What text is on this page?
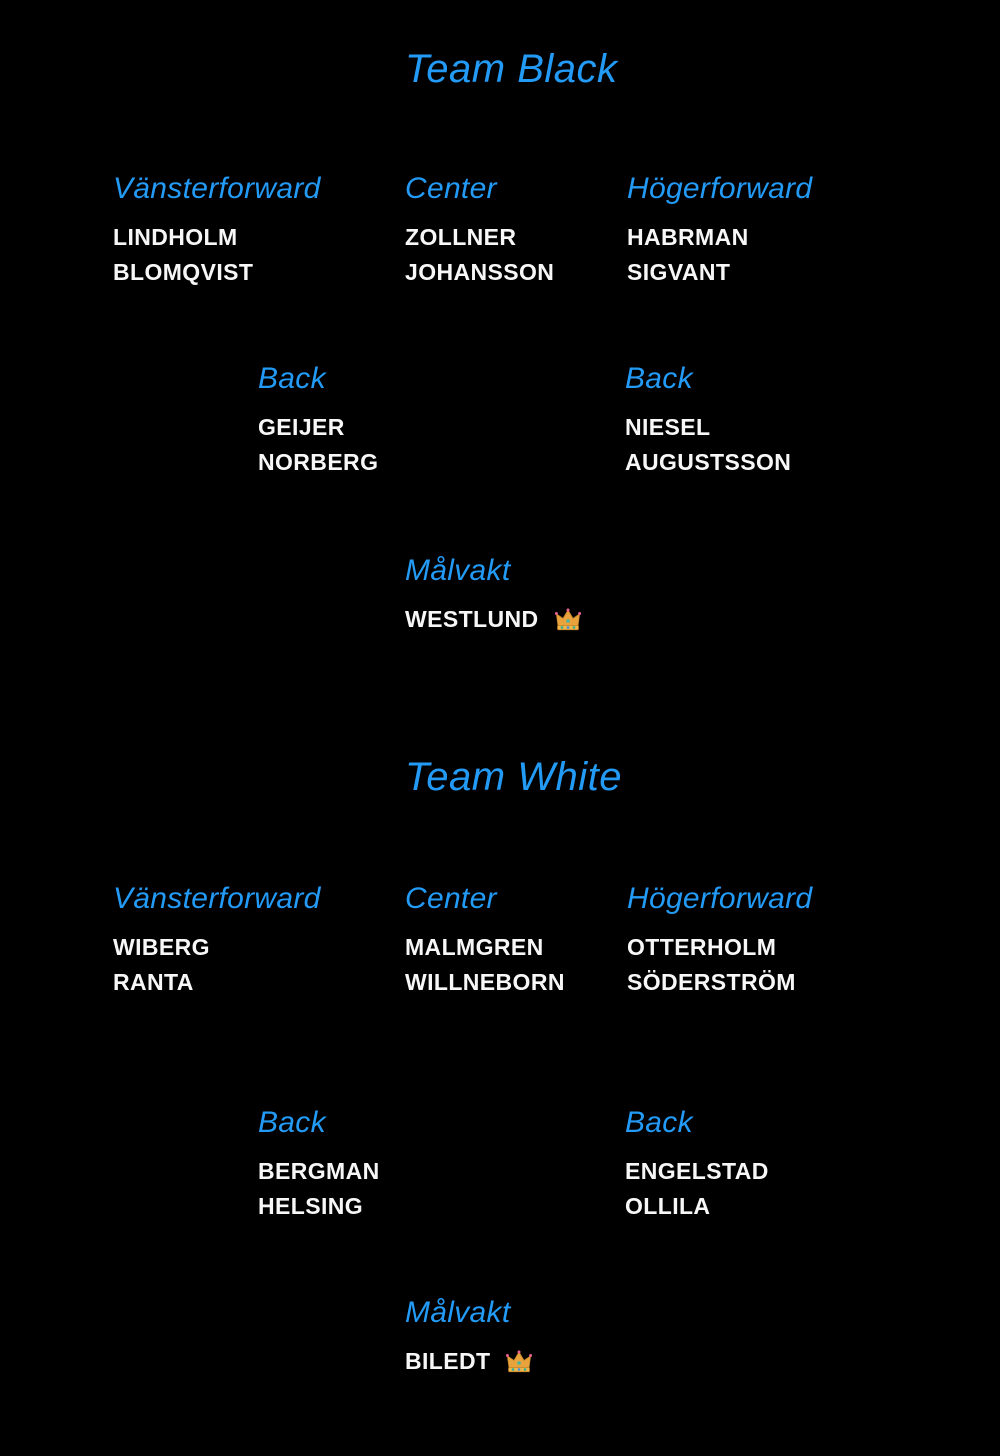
Team Black
Vänsterforward
LINDHOLM
BLOMQVIST
Center
ZOLLNER
JOHANSSON
Högerforward
HABRMAN
SIGVANT
Back
GEIJER
NORBERG
Back
NIESEL
AUGUSTSSON
Målvakt
WESTLUND
Team White
Vänsterforward
WIBERG
RANTA
Center
MALMGREN
WILLNEBORN
Högerforward
OTTERHOLM
SÖDERSTRÖM
Back
BERGMAN
HELSING
Back
ENGELSTAD
OLLILA
Målvakt
BILEDT
